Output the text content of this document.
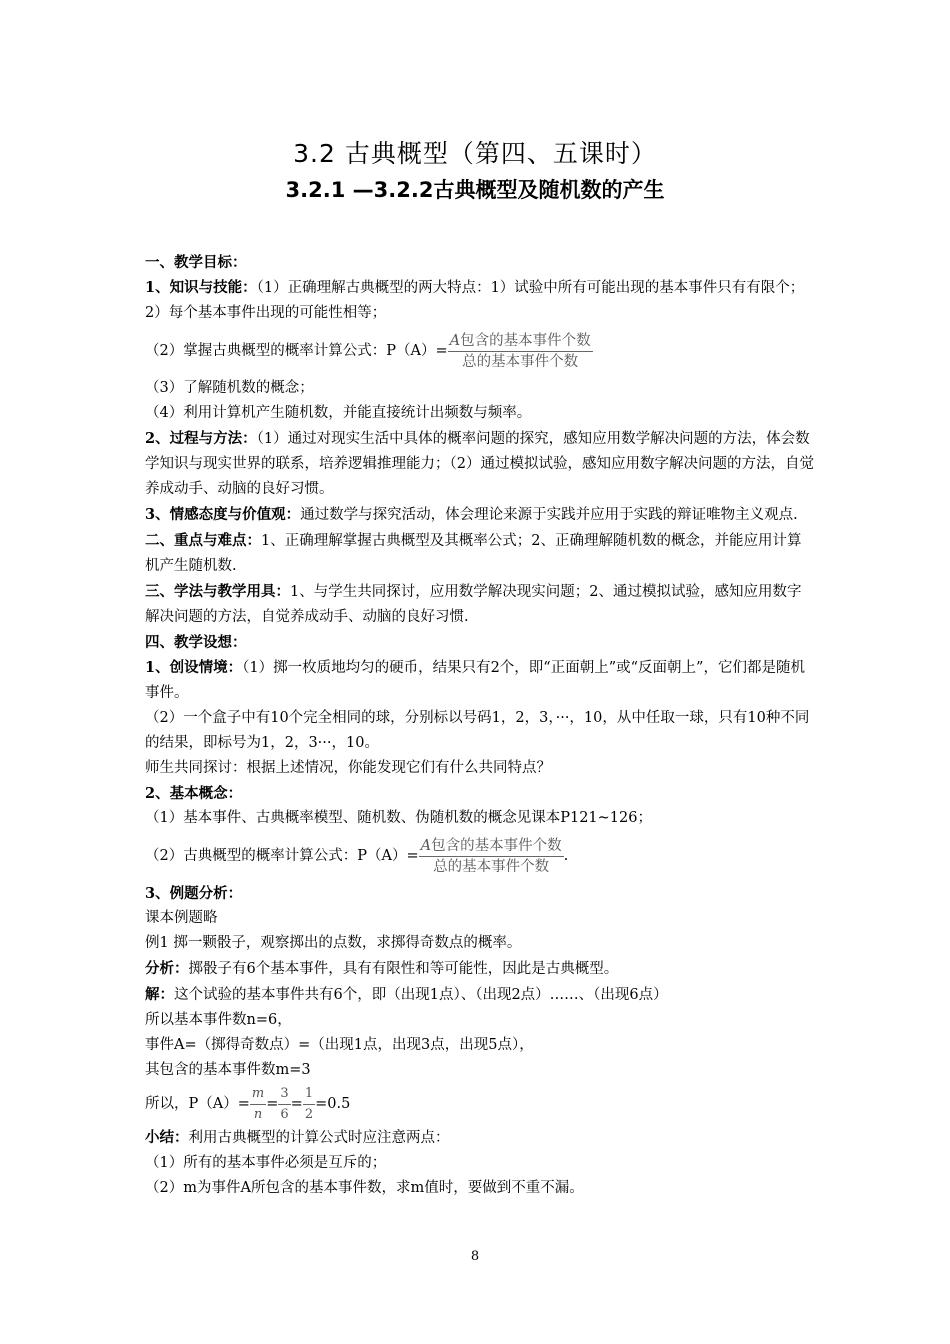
3.2 古典概型（第四、五课时）
3.2.1 —3.2.2古典概型及随机数的产生

一、教学目标：

1、知识与技能：（1）正确理解古典概型的两大特点：1）试验中所有可能出现的基本事件只有有限个；2）每个基本事件出现的可能性相等；

（2）掌握古典概型的概率计算公式：$P(A)= \frac{\text{A包含的基本事件个数}}{\text{总的基本事件个数}}$

（3）了解随机数的概念；

（4）利用计算机产生随机数，并能直接统计出频数与频率。

2、过程与方法：（1）通过对现实生活中具体的概率问题的探究，感知应用数学解决问题的方法，体会数学知识与现实世界的联系，培养逻辑推理能力；（2）通过模拟试验，感知应用数字解决问题的方法，自觉养成动手、动脑的良好习惯。

3、情感态度与价值观：通过数学与探究活动，体会理论来源于实践并应用于实践的辩证唯物主义观点.

二、重点与难点：1、正确理解掌握古典概型及其概率公式；2、正确理解随机数的概念，并能应用计算机产生随机数.

三、学法与教学用具：1、与学生共同探讨，应用数学解决现实问题；2、通过模拟试验，感知应用数字解决问题的方法，自觉养成动手、动脑的良好习惯.

四、教学设想：

1、创设情境：（1）掷一枚质地均匀的硬币，结果只有2个，即“正面朝上”或“反面朝上”，它们都是随机事件。

（2）一个盒子中有10个完全相同的球，分别标以号码1，2，3，···，10，从中任取一球，只有10种不同的结果，即标号为1，2，3···，10。

师生共同探讨：根据上述情况，你能发现它们有什么共同特点？

2、基本概念：

（1）基本事件、古典概率模型、随机数、伪随机数的概念见课本P121~126；

（2）古典概型的概率计算公式：$P(A)= \frac{\text{A包含的基本事件个数}}{\text{总的基本事件个数}}$ .

3、例题分析：

课本例题略

例1 掷一颗骰子，观察掷出的点数，求掷得奇数点的概率。

分析：掷骰子有6个基本事件，具有有限性和等可能性，因此是古典概型。

解：这个试验的基本事件共有6个，即（出现1点）、（出现2点）……、（出现6点）

所以基本事件数n=6，

事件A=（掷得奇数点）=（出现1点，出现3点，出现5点），

其包含的基本事件数m=3

所以，$P(A)= \frac{m}{n} = \frac{3}{6} = \frac{1}{2} =0.5$

小结：利用古典概型的计算公式时应注意两点：

（1）所有的基本事件必须是互斥的；

（2）m为事件A所包含的基本事件数，求m值时，要做到不重不漏。

8
